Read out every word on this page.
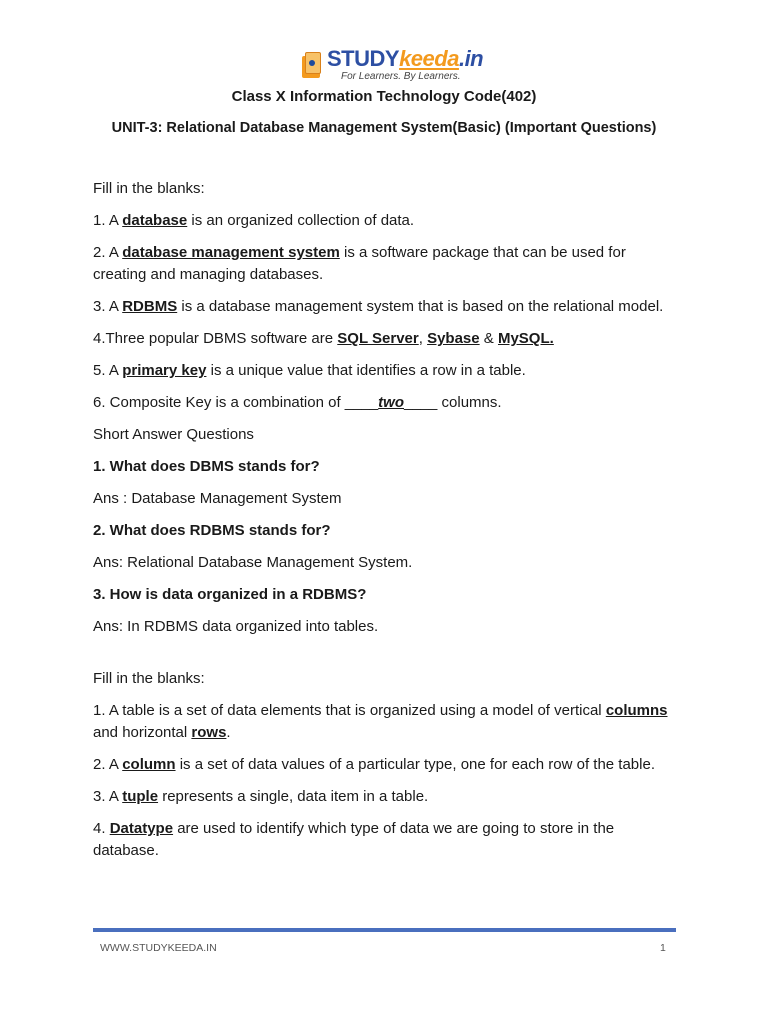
STUDYkeeda.in
For Learners. By Learners.
Class X Information Technology Code(402)
UNIT-3: Relational Database Management System(Basic) (Important Questions)

Fill in the blanks:

1. A database is an organized collection of data.

2. A database management system is a software package that can be used for creating and managing databases.

3. A RDBMS is a database management system that is based on the relational model.

4.Three popular DBMS software are SQL Server, Sybase & MySQL.

5. A primary key is a unique value that identifies a row in a table.

6. Composite Key is a combination of ____two____ columns.

Short Answer Questions

1. What does DBMS stands for?

Ans : Database Management System

2. What does RDBMS stands for?

Ans: Relational Database Management System.

3. How is data organized in a RDBMS?

Ans: In RDBMS data organized into tables.

Fill in the blanks:

1. A table is a set of data elements that is organized using a model of vertical columns and horizontal rows.

2. A column is a set of data values of a particular type, one for each row of the table.

3. A tuple represents a single, data item in a table.

4. Datatype are used to identify which type of data we are going to store in the database.

WWW.STUDYKEEDA.IN	1
